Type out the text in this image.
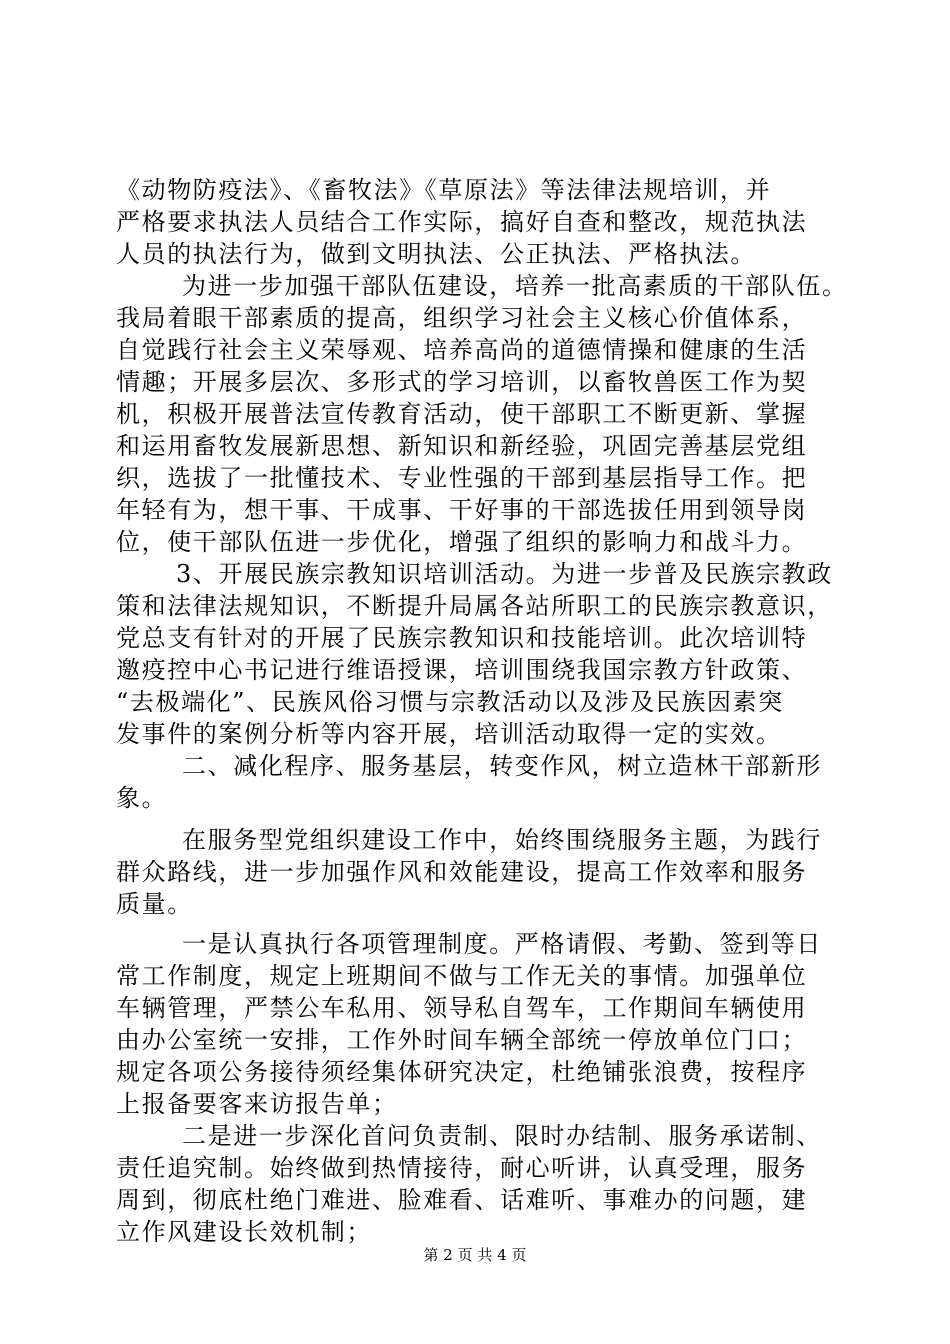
《动物防疫法》、《畜牧法》《草原法》等法律法规培训，并
严格要求执法人员结合工作实际，搞好自查和整改，规范执法
人员的执法行为，做到文明执法、公正执法、严格执法。
为进一步加强干部队伍建设，培养一批高素质的干部队伍。
我局着眼干部素质的提高，组织学习社会主义核心价值体系，
自觉践行社会主义荣辱观、培养高尚的道德情操和健康的生活
情趣；开展多层次、多形式的学习培训，以畜牧兽医工作为契
机，积极开展普法宣传教育活动，使干部职工不断更新、掌握
和运用畜牧发展新思想、新知识和新经验，巩固完善基层党组
织，选拔了一批懂技术、专业性强的干部到基层指导工作。把
年轻有为，想干事、干成事、干好事的干部选拔任用到领导岗
位，使干部队伍进一步优化，增强了组织的影响力和战斗力。
3、开展民族宗教知识培训活动。为进一步普及民族宗教政
策和法律法规知识，不断提升局属各站所职工的民族宗教意识，
党总支有针对的开展了民族宗教知识和技能培训。此次培训特
邀疫控中心书记进行维语授课，培训围绕我国宗教方针政策、
“去极端化”、民族风俗习惯与宗教活动以及涉及民族因素突
发事件的案例分析等内容开展，培训活动取得一定的实效。
二、减化程序、服务基层，转变作风，树立造林干部新形
象。
在服务型党组织建设工作中，始终围绕服务主题，为践行
群众路线，进一步加强作风和效能建设，提高工作效率和服务
质量。
一是认真执行各项管理制度。严格请假、考勤、签到等日
常工作制度，规定上班期间不做与工作无关的事情。加强单位
车辆管理，严禁公车私用、领导私自驾车，工作期间车辆使用
由办公室统一安排，工作外时间车辆全部统一停放单位门口；
规定各项公务接待须经集体研究决定，杜绝铺张浪费，按程序
上报备要客来访报告单；
二是进一步深化首问负责制、限时办结制、服务承诺制、
责任追究制。始终做到热情接待，耐心听讲，认真受理，服务
周到，彻底杜绝门难进、脸难看、话难听、事难办的问题，建
立作风建设长效机制；
第 2 页 共 4 页
